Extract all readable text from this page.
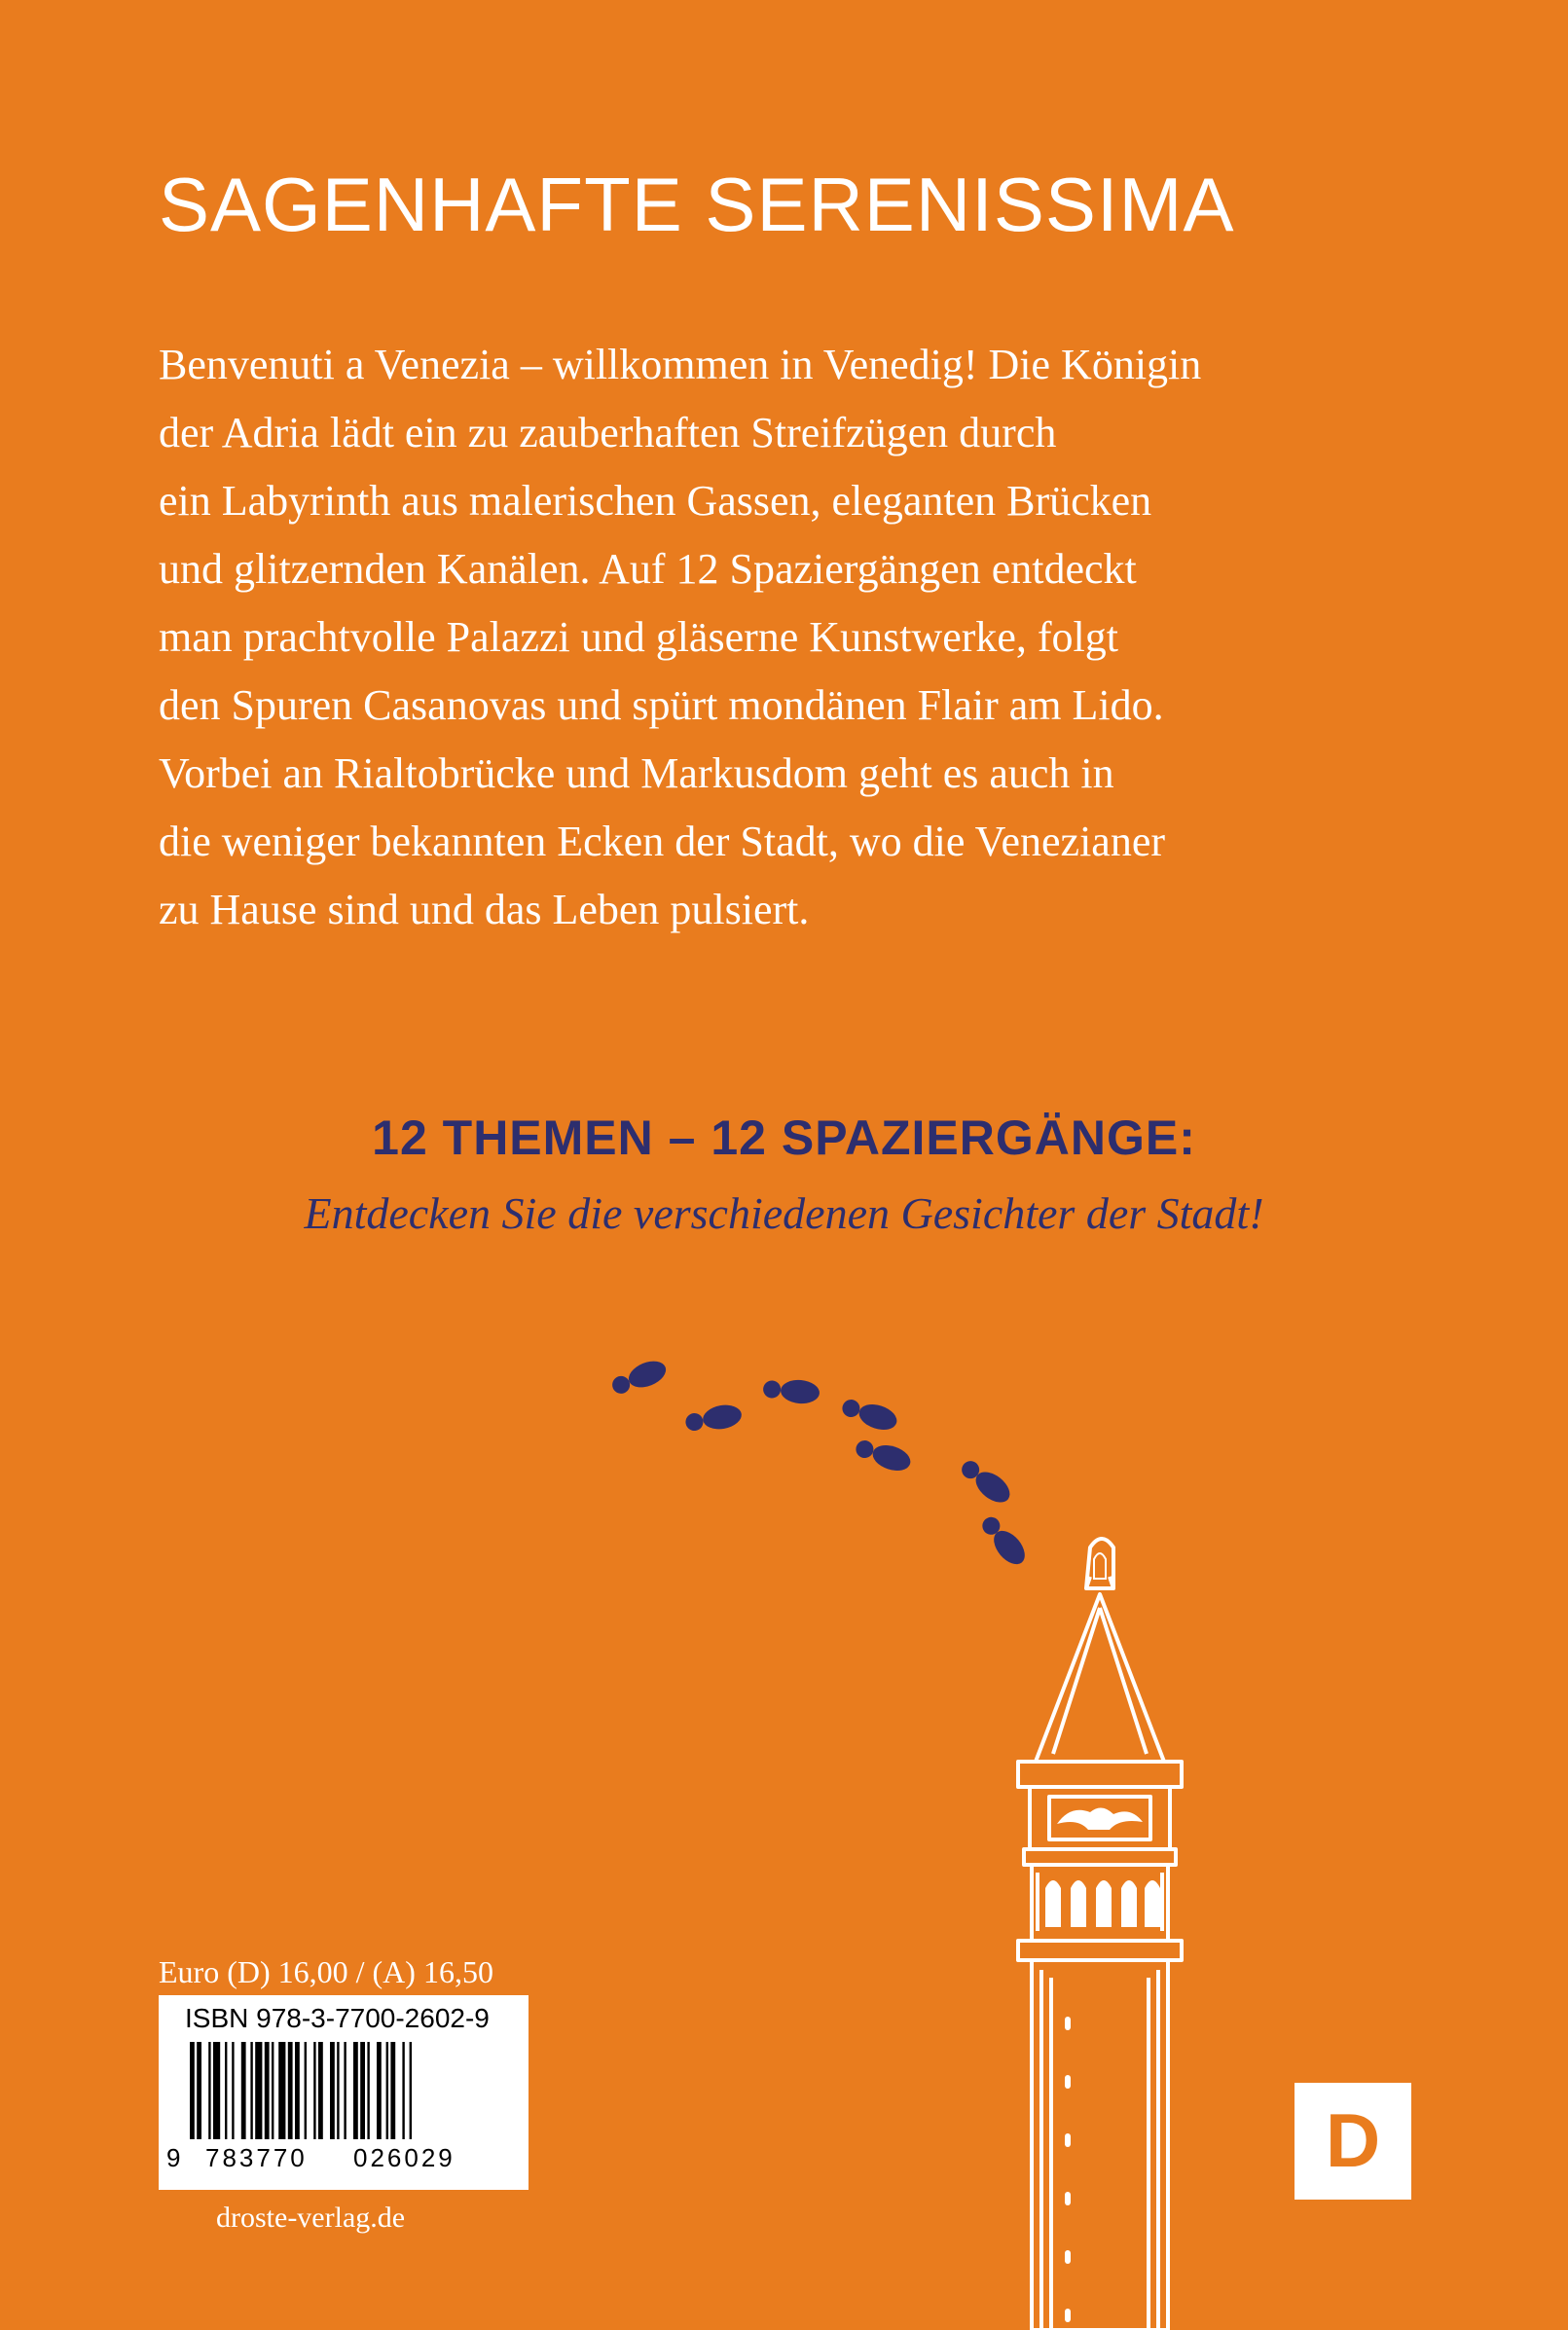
SAGENHAFTE SERENISSIMA
Benvenuti a Venezia – willkommen in Venedig! Die Königin
der Adria lädt ein zu zauberhaften Streifzügen durch
ein Labyrinth aus malerischen Gassen, eleganten Brücken
und glitzernden Kanälen. Auf 12 Spaziergängen entdeckt
man prachtvolle Palazzi und gläserne Kunstwerke, folgt
den Spuren Casanovas und spürt mondänen Flair am Lido.
Vorbei an Rialtobrücke und Markusdom geht es auch in
die weniger bekannten Ecken der Stadt, wo die Venezianer
zu Hause sind und das Leben pulsiert.
12 THEMEN – 12 SPAZIERGÄNGE:
Entdecken Sie die verschiedenen Gesichter der Stadt!
Euro (D) 16,00 / (A) 16,50
ISBN 978-3-7700-2602-9
9 783770 026029
droste-verlag.de
D
